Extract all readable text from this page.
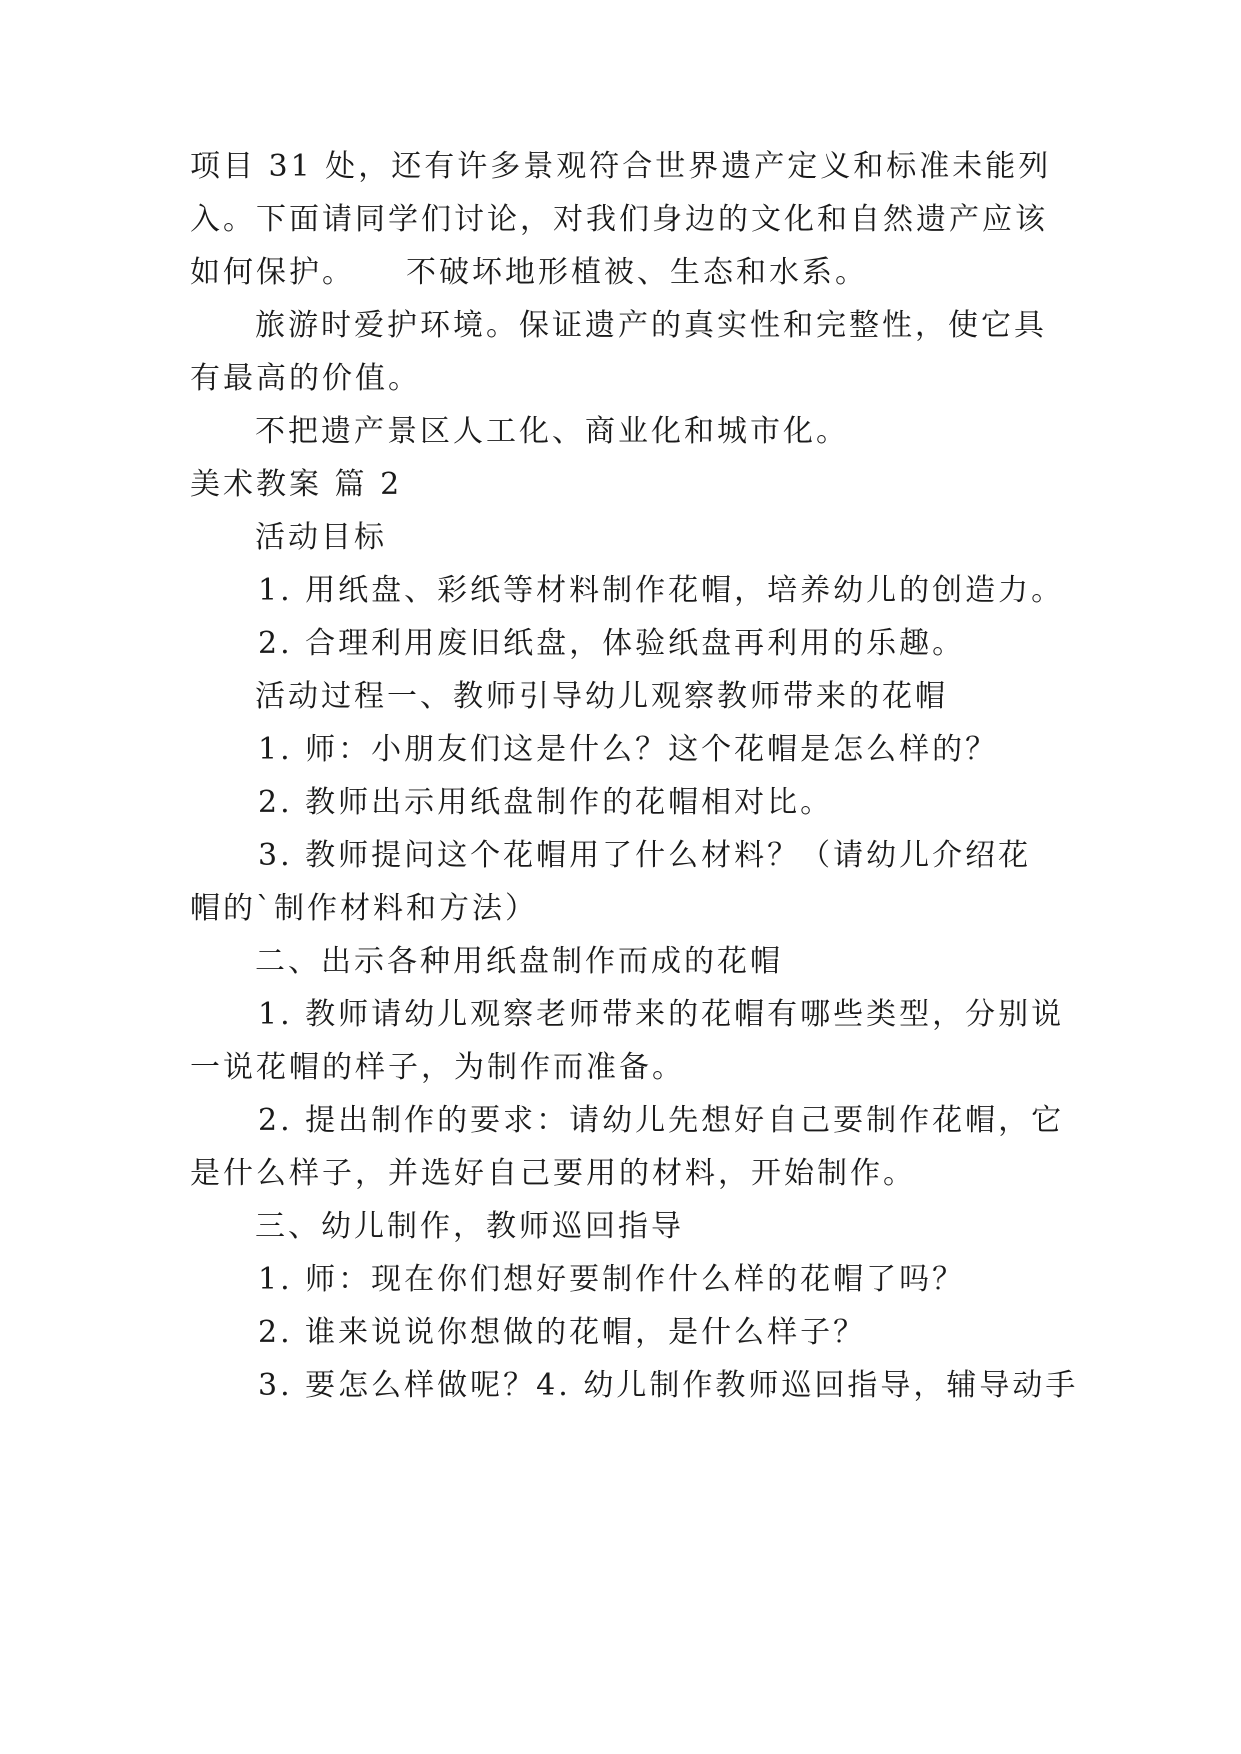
项目 31 处，还有许多景观符合世界遗产定义和标准未能列
入。下面请同学们讨论，对我们身边的文化和自然遗产应该
如何保护。　　不破坏地形植被、生态和水系。
旅游时爱护环境。保证遗产的真实性和完整性，使它具
有最高的价值。
不把遗产景区人工化、商业化和城市化。
美术教案 篇 2
活动目标
1. 用纸盘、彩纸等材料制作花帽，培养幼儿的创造力。
2. 合理利用废旧纸盘，体验纸盘再利用的乐趣。
活动过程一、教师引导幼儿观察教师带来的花帽
1. 师：小朋友们这是什么？这个花帽是怎么样的？
2. 教师出示用纸盘制作的花帽相对比。
3. 教师提问这个花帽用了什么材料？（请幼儿介绍花
帽的`制作材料和方法）
二、出示各种用纸盘制作而成的花帽
1. 教师请幼儿观察老师带来的花帽有哪些类型，分别说
一说花帽的样子，为制作而准备。
2. 提出制作的要求：请幼儿先想好自己要制作花帽，它
是什么样子，并选好自己要用的材料，开始制作。
三、幼儿制作，教师巡回指导
1. 师：现在你们想好要制作什么样的花帽了吗？
2. 谁来说说你想做的花帽，是什么样子？
3. 要怎么样做呢？4. 幼儿制作教师巡回指导，辅导动手
